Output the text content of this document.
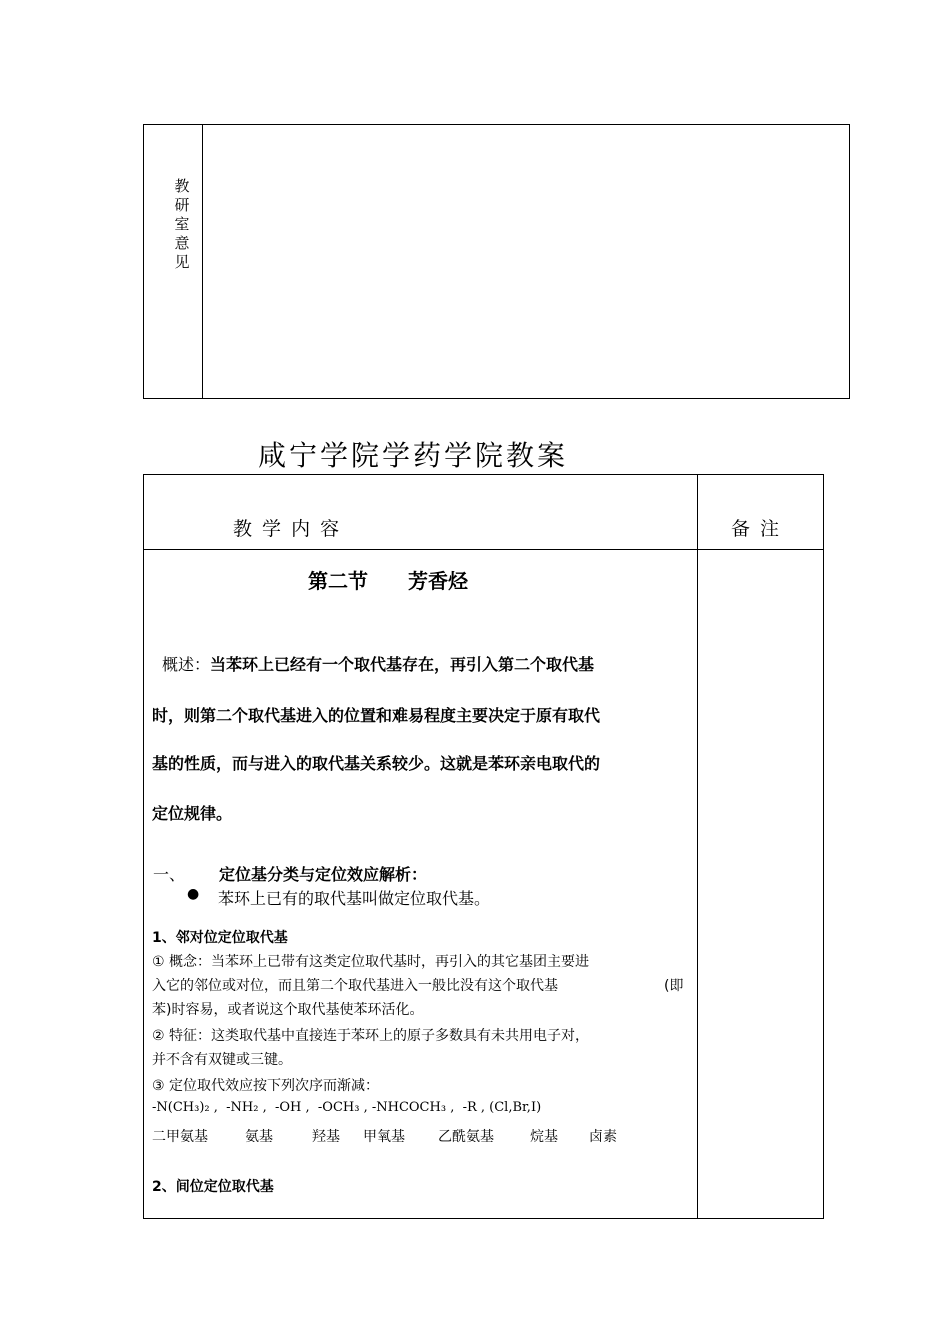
教
研
室
意
见
咸宁学院学药学院教案
教 学 内 容	备 注
第二节　　芳香烃
概述：当苯环上已经有一个取代基存在，再引入第二个取代基
时，则第二个取代基进入的位置和难易程度主要决定于原有取代
基的性质，而与进入的取代基关系较少。这就是苯环亲电取代的
定位规律。
一、 定位基分类与定位效应解析：
● 苯环上已有的取代基叫做定位取代基。
1、邻对位定位取代基
① 概念：当苯环上已带有这类定位取代基时，再引入的其它基团主要进
入它的邻位或对位，而且第二个取代基进入一般比没有这个取代基	(即
苯)时容易，或者说这个取代基使苯环活化。
② 特征：这类取代基中直接连于苯环上的原子多数具有未共用电子对，
并不含有双键或三键。
③ 定位取代效应按下列次序而渐减：
-N(CH₃)₂ ,  -NH₂ ,  -OH ,  -OCH₃ , -NHCOCH₃ ,  -R , (Cl,Br,I)
二甲氨基	氨基	羟基 甲氧基 乙酰氨基	烷基 卤素
2、间位定位取代基
